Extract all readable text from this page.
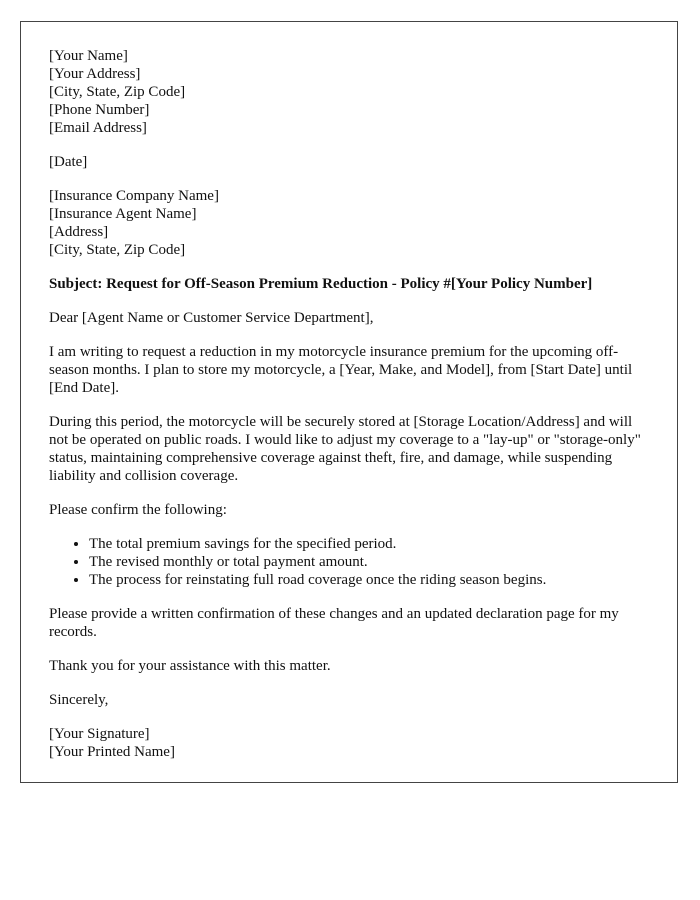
[Your Name]
[Your Address]
[City, State, Zip Code]
[Phone Number]
[Email Address]
[Date]
[Insurance Company Name]
[Insurance Agent Name]
[Address]
[City, State, Zip Code]
Subject: Request for Off-Season Premium Reduction - Policy #[Your Policy Number]

Dear [Agent Name or Customer Service Department],

I am writing to request a reduction in my motorcycle insurance premium for the upcoming off-season months. I plan to store my motorcycle, a [Year, Make, and Model], from [Start Date] until [End Date].

During this period, the motorcycle will be securely stored at [Storage Location/Address] and will not be operated on public roads. I would like to adjust my coverage to a "lay-up" or "storage-only" status, maintaining comprehensive coverage against theft, fire, and damage, while suspending liability and collision coverage.

Please confirm the following:

• The total premium savings for the specified period.
• The revised monthly or total payment amount.
• The process for reinstating full road coverage once the riding season begins.

Please provide a written confirmation of these changes and an updated declaration page for my records.

Thank you for your assistance with this matter.

Sincerely,

[Your Signature]
[Your Printed Name]
